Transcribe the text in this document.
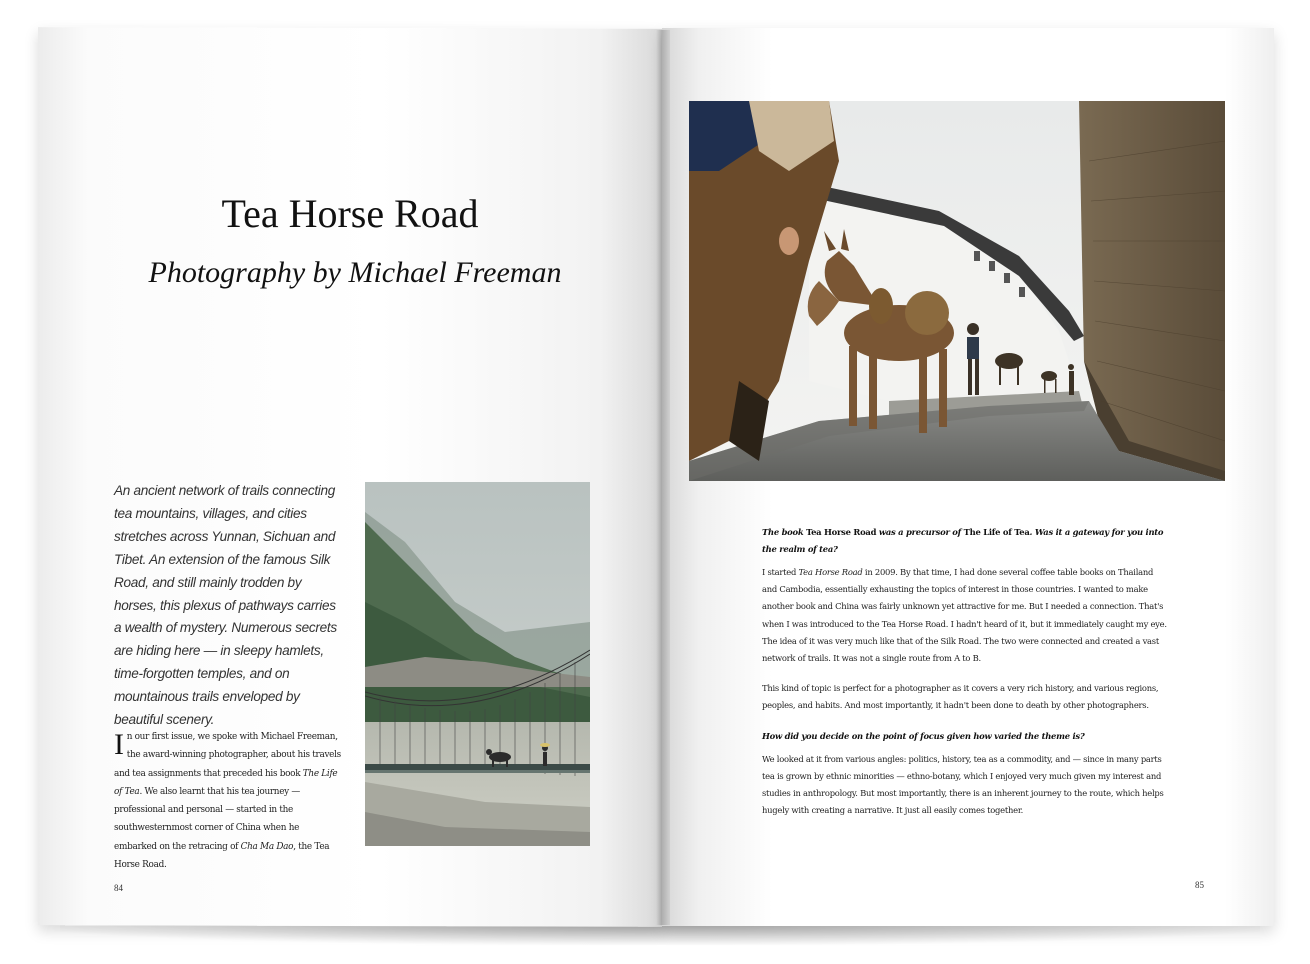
Tea Horse Road
Photography by Michael Freeman
An ancient network of trails connecting tea mountains, villages, and cities stretches across Yunnan, Sichuan and Tibet. An extension of the famous Silk Road, and still mainly trodden by horses, this plexus of pathways carries a wealth of mystery. Numerous secrets are hiding here — in sleepy hamlets, time-forgotten temples, and on mountainous trails enveloped by beautiful scenery.
In our first issue, we spoke with Michael Freeman, the award-winning photographer, about his travels and tea assignments that preceded his book The Life of Tea. We also learnt that his tea journey — professional and personal — started in the southwesternmost corner of China when he embarked on the retracing of Cha Ma Dao, the Tea Horse Road.
84

The book Tea Horse Road was a precursor of The Life of Tea. Was it a gateway for you into the realm of tea?

I started Tea Horse Road in 2009. By that time, I had done several coffee table books on Thailand and Cambodia, essentially exhausting the topics of interest in those countries. I wanted to make another book and China was fairly unknown yet attractive for me. But I needed a connection. That's when I was introduced to the Tea Horse Road. I hadn't heard of it, but it immediately caught my eye. The idea of it was very much like that of the Silk Road. The two were connected and created a vast network of trails. It was not a single route from A to B.

This kind of topic is perfect for a photographer as it covers a very rich history, and various regions, peoples, and habits. And most importantly, it hadn't been done to death by other photographers.

How did you decide on the point of focus given how varied the theme is?

We looked at it from various angles: politics, history, tea as a commodity, and — since in many parts tea is grown by ethnic minorities — ethno-botany, which I enjoyed very much given my interest and studies in anthropology. But most importantly, there is an inherent journey to the route, which helps hugely with creating a narrative. It just all easily comes together.

85
